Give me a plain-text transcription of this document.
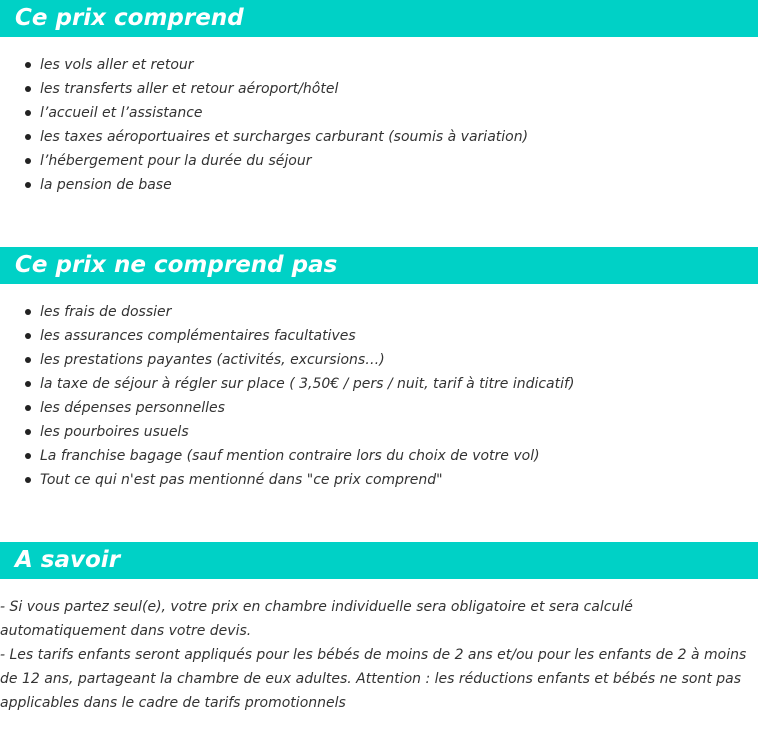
Ce prix comprend
les vols aller et retour
les transferts aller et retour aéroport/hôtel
l’accueil et l’assistance
les taxes aéroportuaires et surcharges carburant (soumis à variation)
l’hébergement pour la durée du séjour
la pension de base
Ce prix ne comprend pas
les frais de dossier
les assurances complémentaires facultatives
les prestations payantes (activités, excursions…)
la taxe de séjour à régler sur place ( 3,50€ / pers / nuit, tarif à titre indicatif)
les dépenses personnelles
les pourboires usuels
La franchise bagage (sauf mention contraire lors du choix de votre vol)
Tout ce qui n'est pas mentionné dans "ce prix comprend"
A savoir

- Si vous partez seul(e), votre prix en chambre individuelle sera obligatoire et sera calculé automatiquement dans votre devis.

- Les tarifs enfants seront appliqués pour les bébés de moins de 2 ans et/ou pour les enfants de 2 à moins de 12 ans, partageant la chambre de eux adultes. Attention : les réductions enfants et bébés ne sont pas applicables dans le cadre de tarifs promotionnels
